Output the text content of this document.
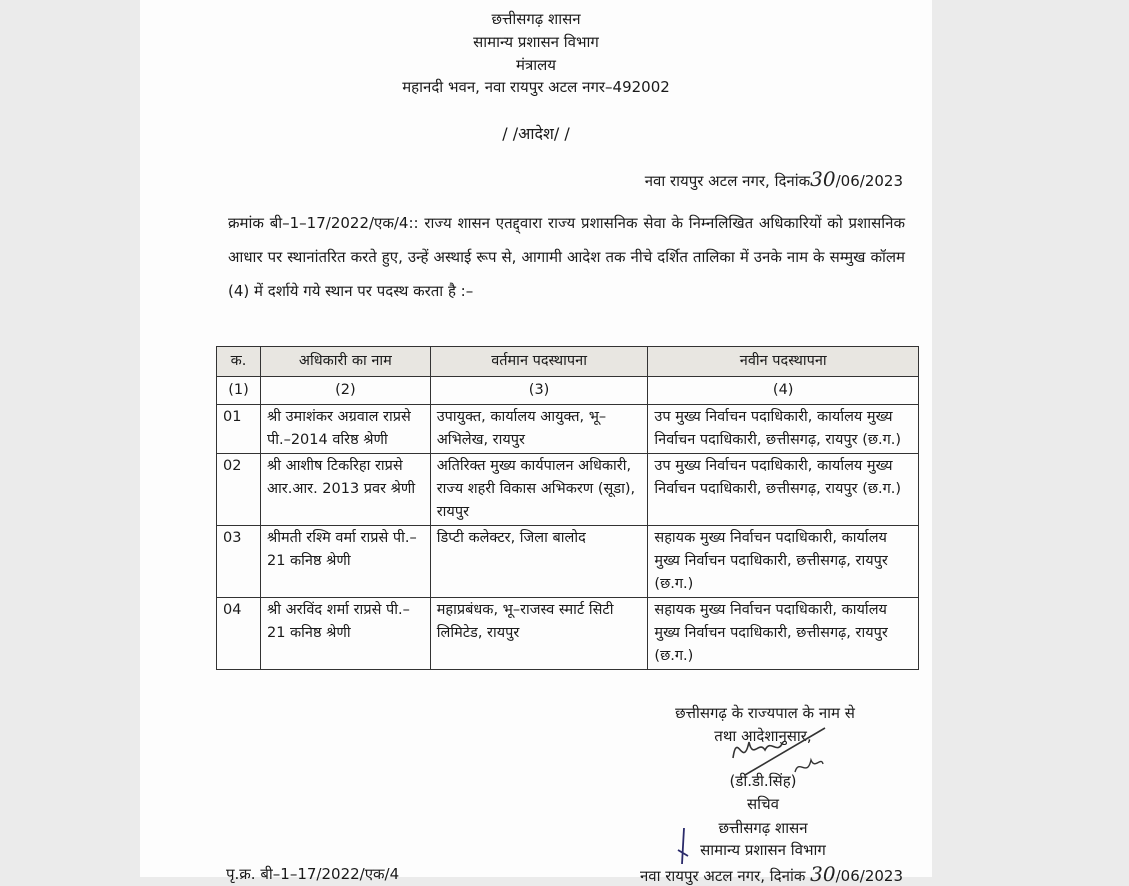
छत्तीसगढ़ शासन
सामान्य प्रशासन विभाग
मंत्रालय
महानदी भवन, नवा रायपुर अटल नगर–492002
/ /आदेश/ /
नवा रायपुर अटल नगर, दिनांक30/06/2023
क्रमांक बी–1–17/2022/एक/4:: राज्य शासन एतद्द्वारा राज्य प्रशासनिक सेवा के निम्नलिखित अधिकारियों को प्रशासनिक आधार पर स्थानांतरित करते हुए, उन्हें अस्थाई रूप से, आगामी आदेश तक नीचे दर्शित तालिका में उनके नाम के सम्मुख कॉलम (4) में दर्शाये गये स्थान पर पदस्थ करता है :–
क.	अधिकारी का नाम	वर्तमान पदस्थापना	नवीन पदस्थापना
(1)	(2)	(3)	(4)
01	श्री उमाशंकर अग्रवाल राप्रसे पी.–2014 वरिष्ठ श्रेणी	उपायुक्त, कार्यालय आयुक्त, भू–अभिलेख, रायपुर	उप मुख्य निर्वाचन पदाधिकारी, कार्यालय मुख्य निर्वाचन पदाधिकारी, छत्तीसगढ़, रायपुर (छ.ग.)
02	श्री आशीष टिकरिहा राप्रसे आर.आर. 2013 प्रवर श्रेणी	अतिरिक्त मुख्य कार्यपालन अधिकारी, राज्य शहरी विकास अभिकरण (सूडा), रायपुर	उप मुख्य निर्वाचन पदाधिकारी, कार्यालय मुख्य निर्वाचन पदाधिकारी, छत्तीसगढ़, रायपुर (छ.ग.)
03	श्रीमती रश्मि वर्मा राप्रसे पी.–21 कनिष्ठ श्रेणी	डिप्टी कलेक्टर, जिला बालोद	सहायक मुख्य निर्वाचन पदाधिकारी, कार्यालय मुख्य निर्वाचन पदाधिकारी, छत्तीसगढ़, रायपुर (छ.ग.)
04	श्री अरविंद शर्मा राप्रसे पी.–21 कनिष्ठ श्रेणी	महाप्रबंधक, भू–राजस्व स्मार्ट सिटी लिमिटेड, रायपुर	सहायक मुख्य निर्वाचन पदाधिकारी, कार्यालय मुख्य निर्वाचन पदाधिकारी, छत्तीसगढ़, रायपुर (छ.ग.)
छत्तीसगढ़ के राज्यपाल के नाम से
तथा आदेशानुसार,
(डी.डी.सिंह)
सचिव
छत्तीसगढ़ शासन
सामान्य प्रशासन विभाग
पृ.क्र. बी–1–17/2022/एक/4	नवा रायपुर अटल नगर, दिनांक 30/06/2023
